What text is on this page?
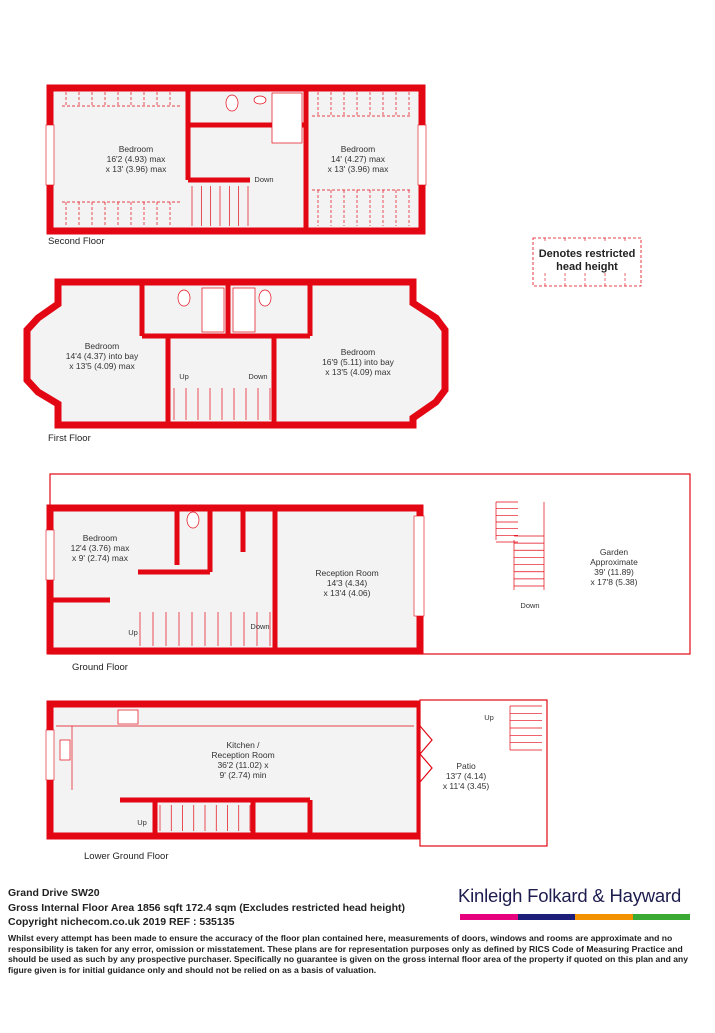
Denotes restricted
head height
Bedroom
16'2 (4.93) max
x 13' (3.96) max
Bedroom
14' (4.27) max
x 13' (3.96) max
Down
Second Floor
Bedroom
14'4 (4.37) into bay
x 13'5 (4.09) max
Bedroom
16'9 (5.11) into bay
x 13'5 (4.09) max
Up	Down
First Floor
Bedroom
12'4 (3.76) max
x 9' (2.74) max
Reception Room
14'3 (4.34)
x 13'4 (4.06)
Garden
Approximate
39' (11.89)
x 17'8 (5.38)
Up
Down
Down
Ground Floor
Kitchen /
Reception Room
36'2 (11.02) x
9' (2.74) min
Patio
13'7 (4.14)
x 11'4 (3.45)
Up
Up
Lower Ground Floor
Grand Drive SW20
Gross Internal Floor Area 1856 sqft 172.4 sqm (Excludes restricted head height)
Copyright nichecom.co.uk 2019 REF : 535135
Whilst every attempt has been made to ensure the accuracy of the floor plan contained here, measurements of doors, windows and rooms are approximate and no responsibility is taken for any error, omission or misstatement. These plans are for representation purposes only as defined by RICS Code of Measuring Practice and should be used as such by any prospective purchaser. Specifically no guarantee is given on the gross internal floor area of the property if quoted on this plan and any figure given is for initial guidance only and should not be relied on as a basis of valuation.
Kinleigh Folkard & Hayward
